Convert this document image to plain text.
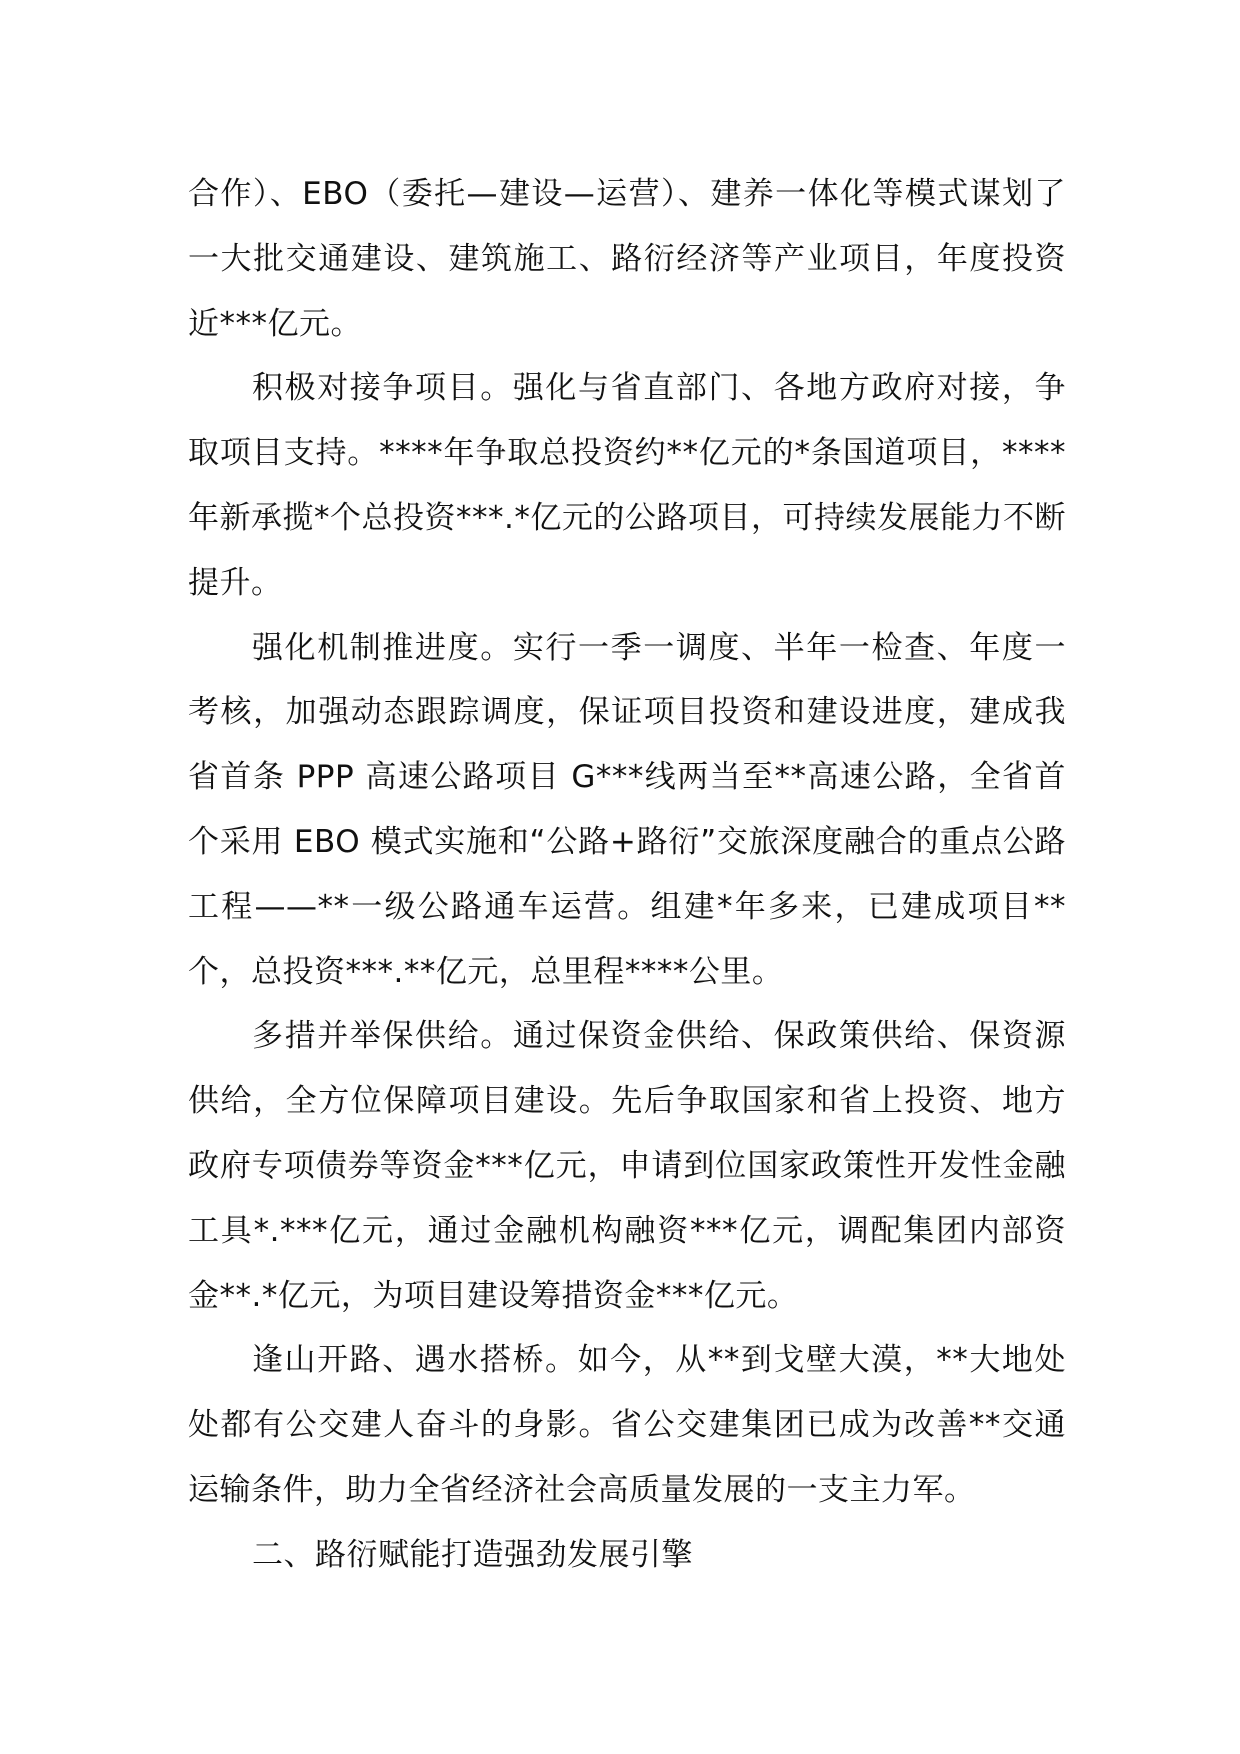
合作）、EBO（委托—建设—运营）、建养一体化等模式谋划了一大批交通建设、建筑施工、路衍经济等产业项目，年度投资近***亿元。

积极对接争项目。强化与省直部门、各地方政府对接，争取项目支持。****年争取总投资约**亿元的*条国道项目，****年新承揽*个总投资***.*亿元的公路项目，可持续发展能力不断提升。

强化机制推进度。实行一季一调度、半年一检查、年度一考核，加强动态跟踪调度，保证项目投资和建设进度，建成我省首条 PPP 高速公路项目 G***线两当至**高速公路，全省首个采用 EBO 模式实施和“公路+路衍”交旅深度融合的重点公路工程——**一级公路通车运营。组建*年多来，已建成项目**个，总投资***.**亿元，总里程****公里。

多措并举保供给。通过保资金供给、保政策供给、保资源供给，全方位保障项目建设。先后争取国家和省上投资、地方政府专项债券等资金***亿元，申请到位国家政策性开发性金融工具*.***亿元，通过金融机构融资***亿元，调配集团内部资金**.*亿元，为项目建设筹措资金***亿元。

逢山开路、遇水搭桥。如今，从**到戈壁大漠，**大地处处都有公交建人奋斗的身影。省公交建集团已成为改善**交通运输条件，助力全省经济社会高质量发展的一支主力军。

二、路衍赋能打造强劲发展引擎
